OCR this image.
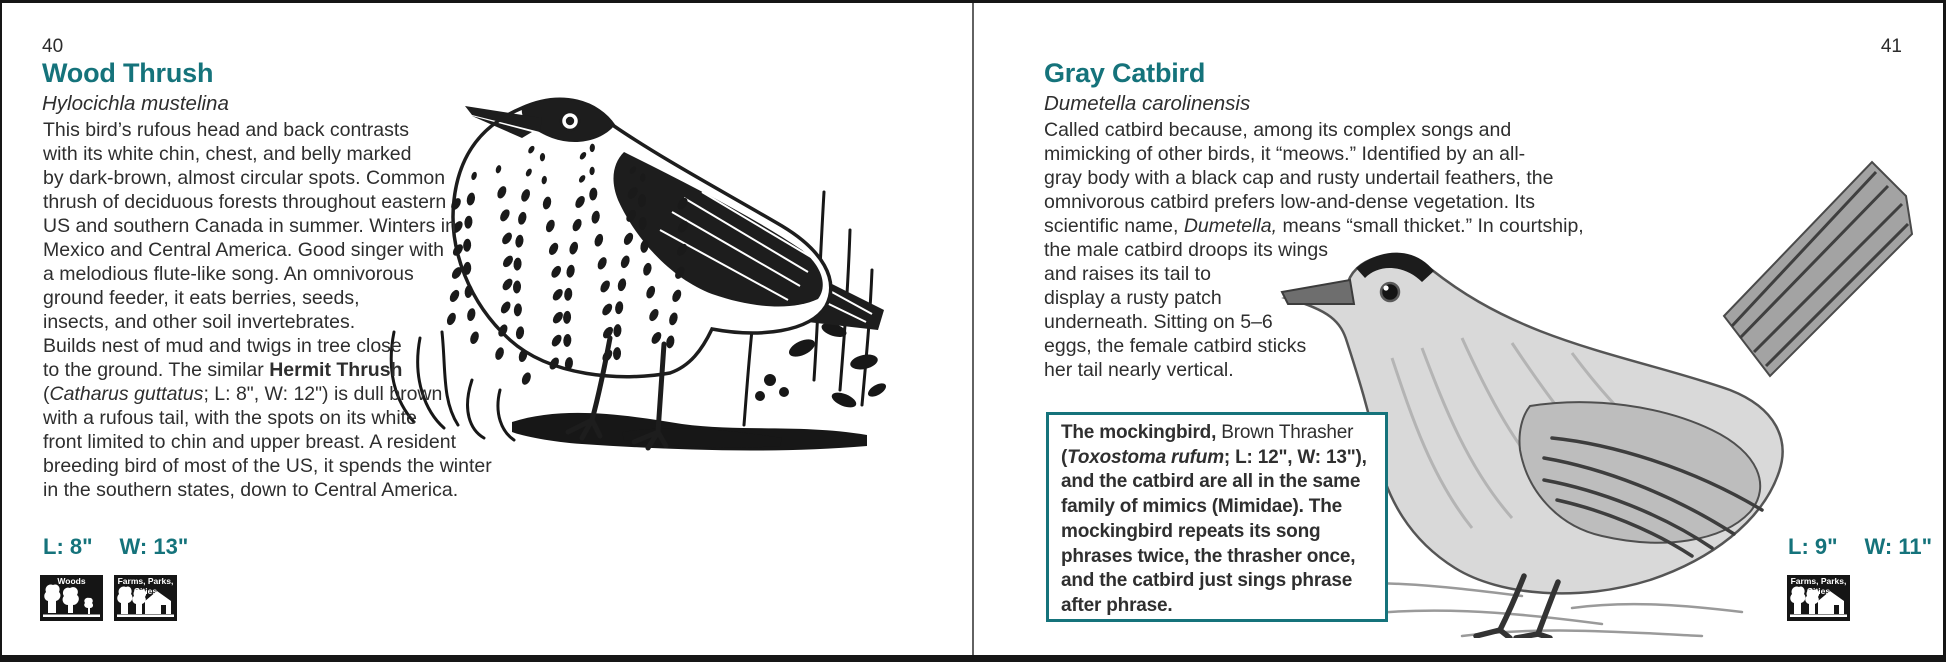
40
Wood Thrush
Hylocichla mustelina
This bird’s rufous head and back contrasts
with its white chin, chest, and belly marked
by dark-brown, almost circular spots. Common
thrush of deciduous forests throughout eastern
US and southern Canada in summer. Winters in
Mexico and Central America. Good singer with
a melodious flute-like song. An omnivorous
ground feeder, it eats berries, seeds,
insects, and other soil invertebrates.
Builds nest of mud and twigs in tree close
to the ground. The similar Hermit Thrush
(Catharus guttatus; L: 8", W: 12") is dull brown
with a rufous tail, with the spots on its white
front limited to chin and upper breast. A resident
breeding bird of most of the US, it spends the winter
in the southern states, down to Central America.
L: 8" W: 13"
Woods	Farms, Parks,
Cities
41
Gray Catbird
Dumetella carolinensis
Called catbird because, among its complex songs and
mimicking of other birds, it “meows.” Identified by an all-
gray body with a black cap and rusty undertail feathers, the
omnivorous catbird prefers low-and-dense vegetation. Its
scientific name, Dumetella, means “small thicket.” In courtship,
the male catbird droops its wings
and raises its tail to
display a rusty patch
underneath. Sitting on 5–6
eggs, the female catbird sticks
her tail nearly vertical.
The mockingbird, Brown Thrasher
(Toxostoma rufum; L: 12", W: 13"),
and the catbird are all in the same
family of mimics (Mimidae). The
mockingbird repeats its song
phrases twice, the thrasher once,
and the catbird just sings phrase
after phrase.
L: 9" W: 11"
Farms, Parks,
Cities
